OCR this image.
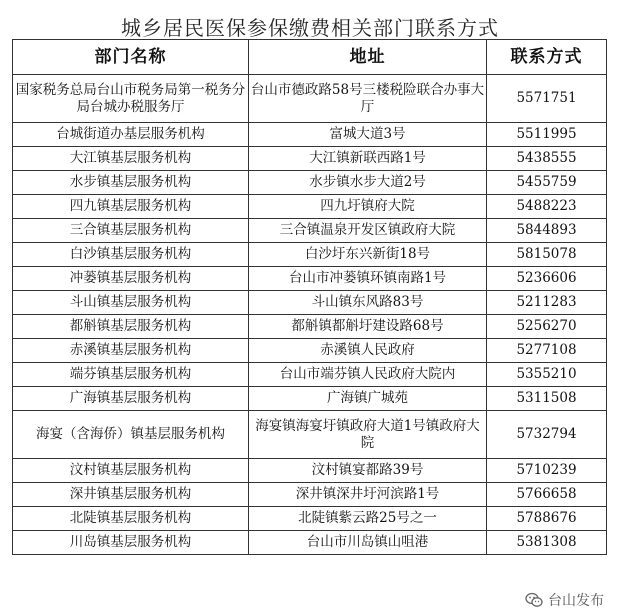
城乡居民医保参保缴费相关部门联系方式
部门名称	地址	联系方式
国家税务总局台山市税务局第一税务分局台城办税服务厅	台山市德政路58号三楼税险联合办事大厅	5571751
台城街道办基层服务机构	富城大道3号	5511995
大江镇基层服务机构	大江镇新联西路1号	5438555
水步镇基层服务机构	水步镇水步大道2号	5455759
四九镇基层服务机构	四九圩镇府大院	5488223
三合镇基层服务机构	三合镇温泉开发区镇政府大院	5844893
白沙镇基层服务机构	白沙圩东兴新街18号	5815078
冲蒌镇基层服务机构	台山市冲蒌镇环镇南路1号	5236606
斗山镇基层服务机构	斗山镇东风路83号	5211283
都斛镇基层服务机构	都斛镇都斛圩建设路68号	5256270
赤溪镇基层服务机构	赤溪镇人民政府	5277108
端芬镇基层服务机构	台山市端芬镇人民政府大院内	5355210
广海镇基层服务机构	广海镇广城苑	5311508
海宴（含海侨）镇基层服务机构	海宴镇海宴圩镇政府大道1号镇政府大院	5732794
汶村镇基层服务机构	汶村镇宴都路39号	5710239
深井镇基层服务机构	深井镇深井圩河滨路1号	5766658
北陡镇基层服务机构	北陡镇紫云路25号之一	5788676
川岛镇基层服务机构	台山市川岛镇山咀港	5381308
台山发布
